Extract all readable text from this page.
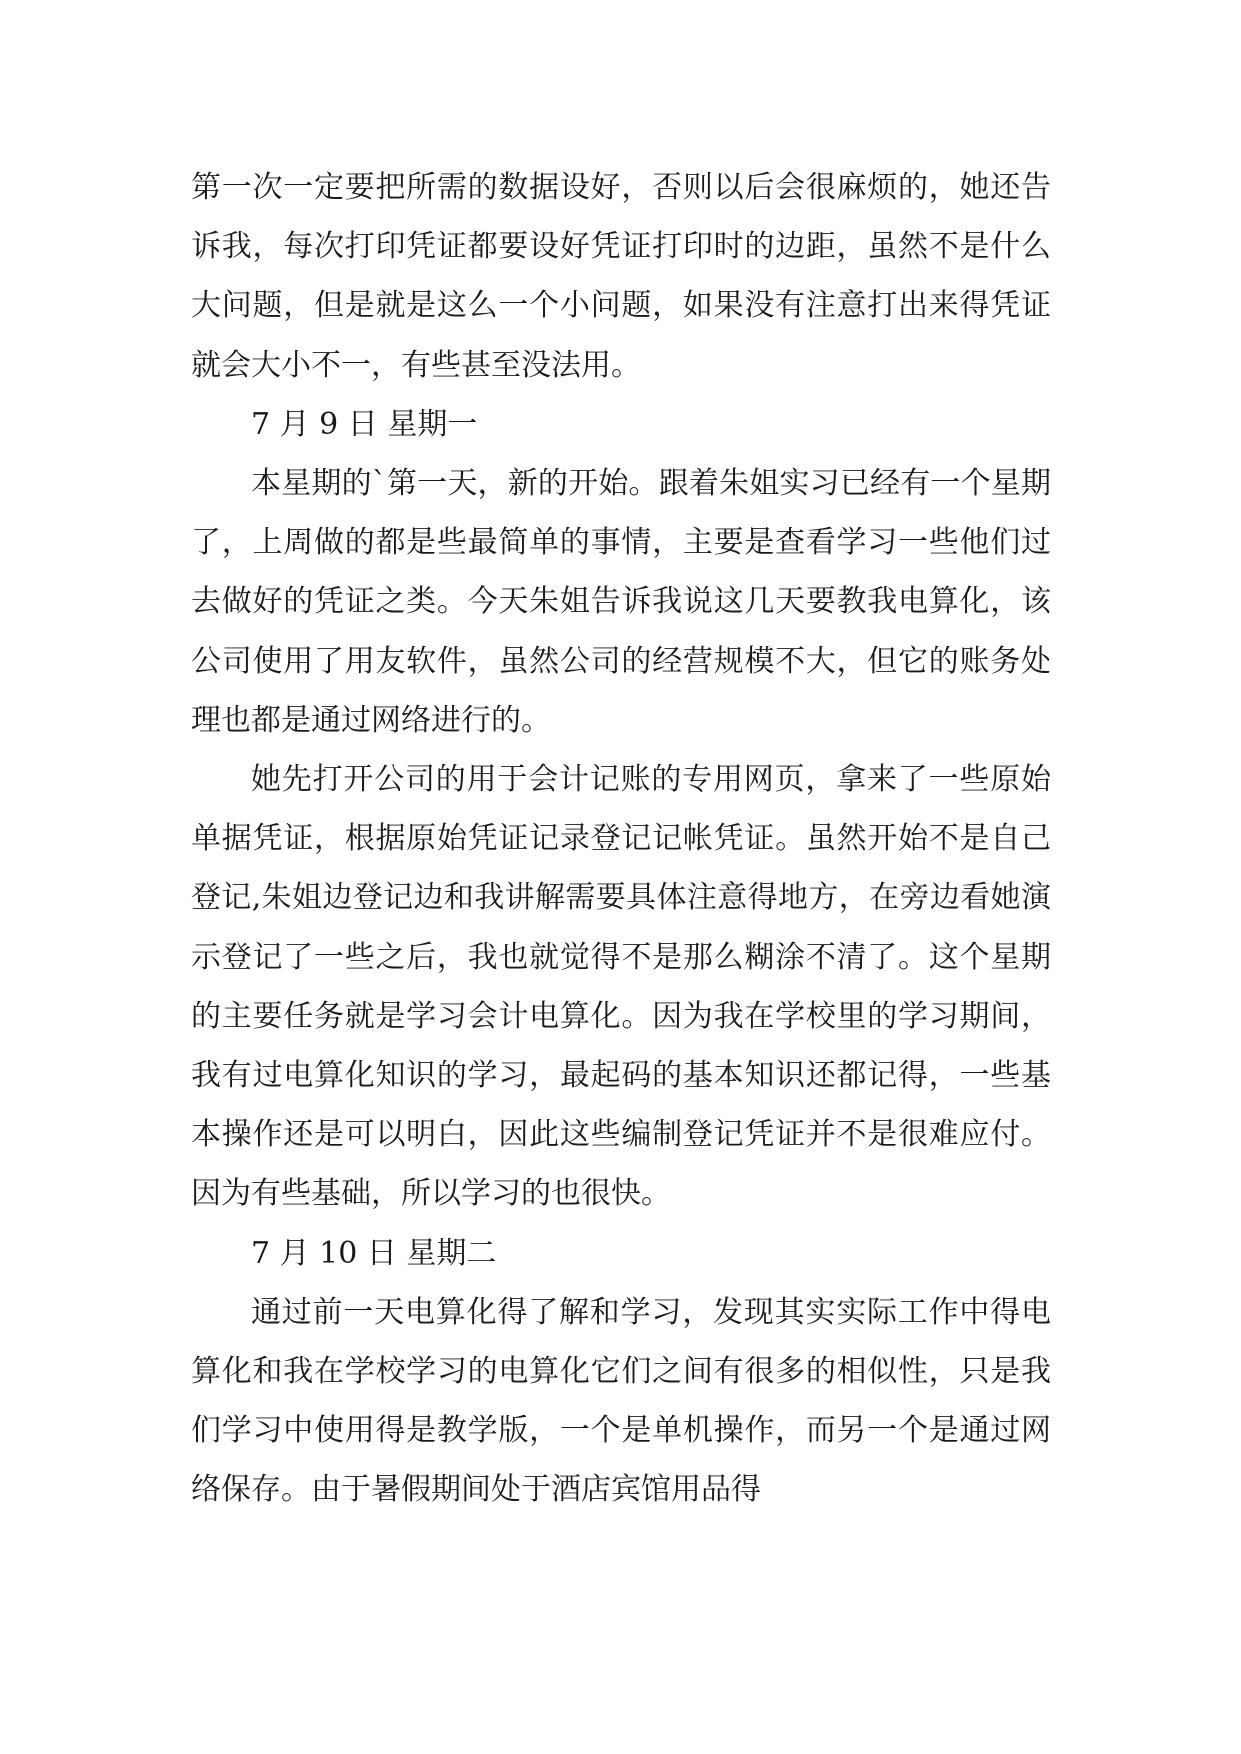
第一次一定要把所需的数据设好，否则以后会很麻烦的，她还告诉我，每次打印凭证都要设好凭证打印时的边距，虽然不是什么大问题，但是就是这么一个小问题，如果没有注意打出来得凭证就会大小不一，有些甚至没法用。

7 月 9 日 星期一

本星期的`第一天，新的开始。跟着朱姐实习已经有一个星期了，上周做的都是些最简单的事情，主要是查看学习一些他们过去做好的凭证之类。今天朱姐告诉我说这几天要教我电算化，该公司使用了用友软件，虽然公司的经营规模不大，但它的账务处理也都是通过网络进行的。

她先打开公司的用于会计记账的专用网页，拿来了一些原始单据凭证，根据原始凭证记录登记记帐凭证。虽然开始不是自己登记,朱姐边登记边和我讲解需要具体注意得地方，在旁边看她演示登记了一些之后，我也就觉得不是那么糊涂不清了。这个星期的主要任务就是学习会计电算化。因为我在学校里的学习期间，我有过电算化知识的学习，最起码的基本知识还都记得，一些基本操作还是可以明白，因此这些编制登记凭证并不是很难应付。因为有些基础，所以学习的也很快。

7 月 10 日 星期二

通过前一天电算化得了解和学习，发现其实实际工作中得电算化和我在学校学习的电算化它们之间有很多的相似性，只是我们学习中使用得是教学版，一个是单机操作，而另一个是通过网络保存。由于暑假期间处于酒店宾馆用品得
